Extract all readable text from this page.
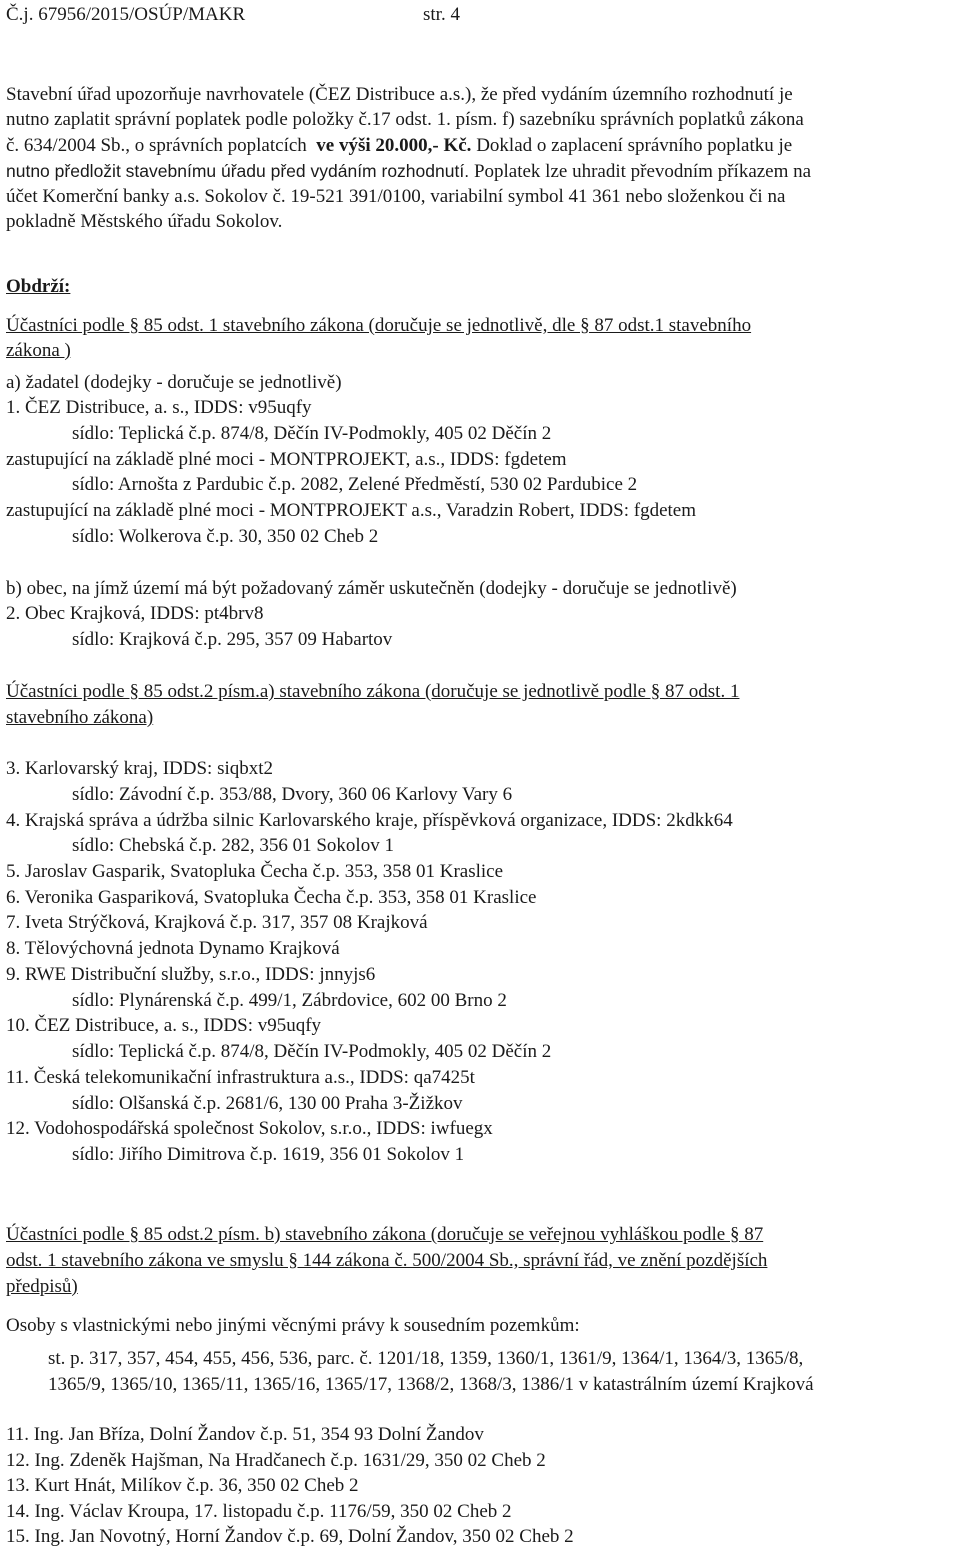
Č.j. 67956/2015/OSÚP/MAKR	str. 4
Stavební úřad upozorňuje navrhovatele (ČEZ Distribuce a.s.), že před vydáním územního rozhodnutí je
nutno zaplatit správní poplatek podle položky č.17 odst. 1. písm. f) sazebníku správních poplatků zákona
č. 634/2004 Sb., o správních poplatcích ve výši 20.000,- Kč. Doklad o zaplacení správního poplatku je
nutno předložit stavebnímu úřadu před vydáním rozhodnutí. Poplatek lze uhradit převodním příkazem na
účet Komerční banky a.s. Sokolov č. 19-521 391/0100, variabilní symbol 41 361 nebo složenkou či na
pokladně Městského úřadu Sokolov.
Obdrží:
Účastníci podle § 85 odst. 1 stavebního zákona (doručuje se jednotlivě, dle § 87 odst.1 stavebního
zákona )
a) žadatel (dodejky - doručuje se jednotlivě)
1. ČEZ Distribuce, a. s., IDDS: v95uqfy
sídlo: Teplická č.p. 874/8, Děčín IV-Podmokly, 405 02 Děčín 2
zastupující na základě plné moci - MONTPROJEKT, a.s., IDDS: fgdetem
sídlo: Arnošta z Pardubic č.p. 2082, Zelené Předměstí, 530 02 Pardubice 2
zastupující na základě plné moci - MONTPROJEKT a.s., Varadzin Robert, IDDS: fgdetem
sídlo: Wolkerova č.p. 30, 350 02 Cheb 2
b) obec, na jímž území má být požadovaný záměr uskutečněn (dodejky - doručuje se jednotlivě)
2. Obec Krajková, IDDS: pt4brv8
sídlo: Krajková č.p. 295, 357 09 Habartov
Účastníci podle § 85 odst.2 písm.a) stavebního zákona (doručuje se jednotlivě podle § 87 odst. 1
stavebního zákona)
3. Karlovarský kraj, IDDS: siqbxt2
sídlo: Závodní č.p. 353/88, Dvory, 360 06 Karlovy Vary 6
4. Krajská správa a údržba silnic Karlovarského kraje, příspěvková organizace, IDDS: 2kdkk64
sídlo: Chebská č.p. 282, 356 01 Sokolov 1
5. Jaroslav Gasparik, Svatopluka Čecha č.p. 353, 358 01 Kraslice
6. Veronika Gaspariková, Svatopluka Čecha č.p. 353, 358 01 Kraslice
7. Iveta Strýčková, Krajková č.p. 317, 357 08 Krajková
8. Tělovýchovná jednota Dynamo Krajková
9. RWE Distribuční služby, s.r.o., IDDS: jnnyjs6
sídlo: Plynárenská č.p. 499/1, Zábrdovice, 602 00 Brno 2
10. ČEZ Distribuce, a. s., IDDS: v95uqfy
sídlo: Teplická č.p. 874/8, Děčín IV-Podmokly, 405 02 Děčín 2
11. Česká telekomunikační infrastruktura a.s., IDDS: qa7425t
sídlo: Olšanská č.p. 2681/6, 130 00 Praha 3-Žižkov
12. Vodohospodářská společnost Sokolov, s.r.o., IDDS: iwfuegx
sídlo: Jiřího Dimitrova č.p. 1619, 356 01 Sokolov 1
Účastníci podle § 85 odst.2 písm. b) stavebního zákona (doručuje se veřejnou vyhláškou podle § 87
odst. 1 stavebního zákona ve smyslu § 144 zákona č. 500/2004 Sb., správní řád, ve znění pozdějších
předpisů)
Osoby s vlastnickými nebo jinými věcnými právy k sousedním pozemkům:
st. p. 317, 357, 454, 455, 456, 536, parc. č. 1201/18, 1359, 1360/1, 1361/9, 1364/1, 1364/3, 1365/8,
1365/9, 1365/10, 1365/11, 1365/16, 1365/17, 1368/2, 1368/3, 1386/1 v katastrálním území Krajková
11. Ing. Jan Bříza, Dolní Žandov č.p. 51, 354 93 Dolní Žandov
12. Ing. Zdeněk Hajšman, Na Hradčanech č.p. 1631/29, 350 02 Cheb 2
13. Kurt Hnát, Milíkov č.p. 36, 350 02 Cheb 2
14. Ing. Václav Kroupa, 17. listopadu č.p. 1176/59, 350 02 Cheb 2
15. Ing. Jan Novotný, Horní Žandov č.p. 69, Dolní Žandov, 350 02 Cheb 2
